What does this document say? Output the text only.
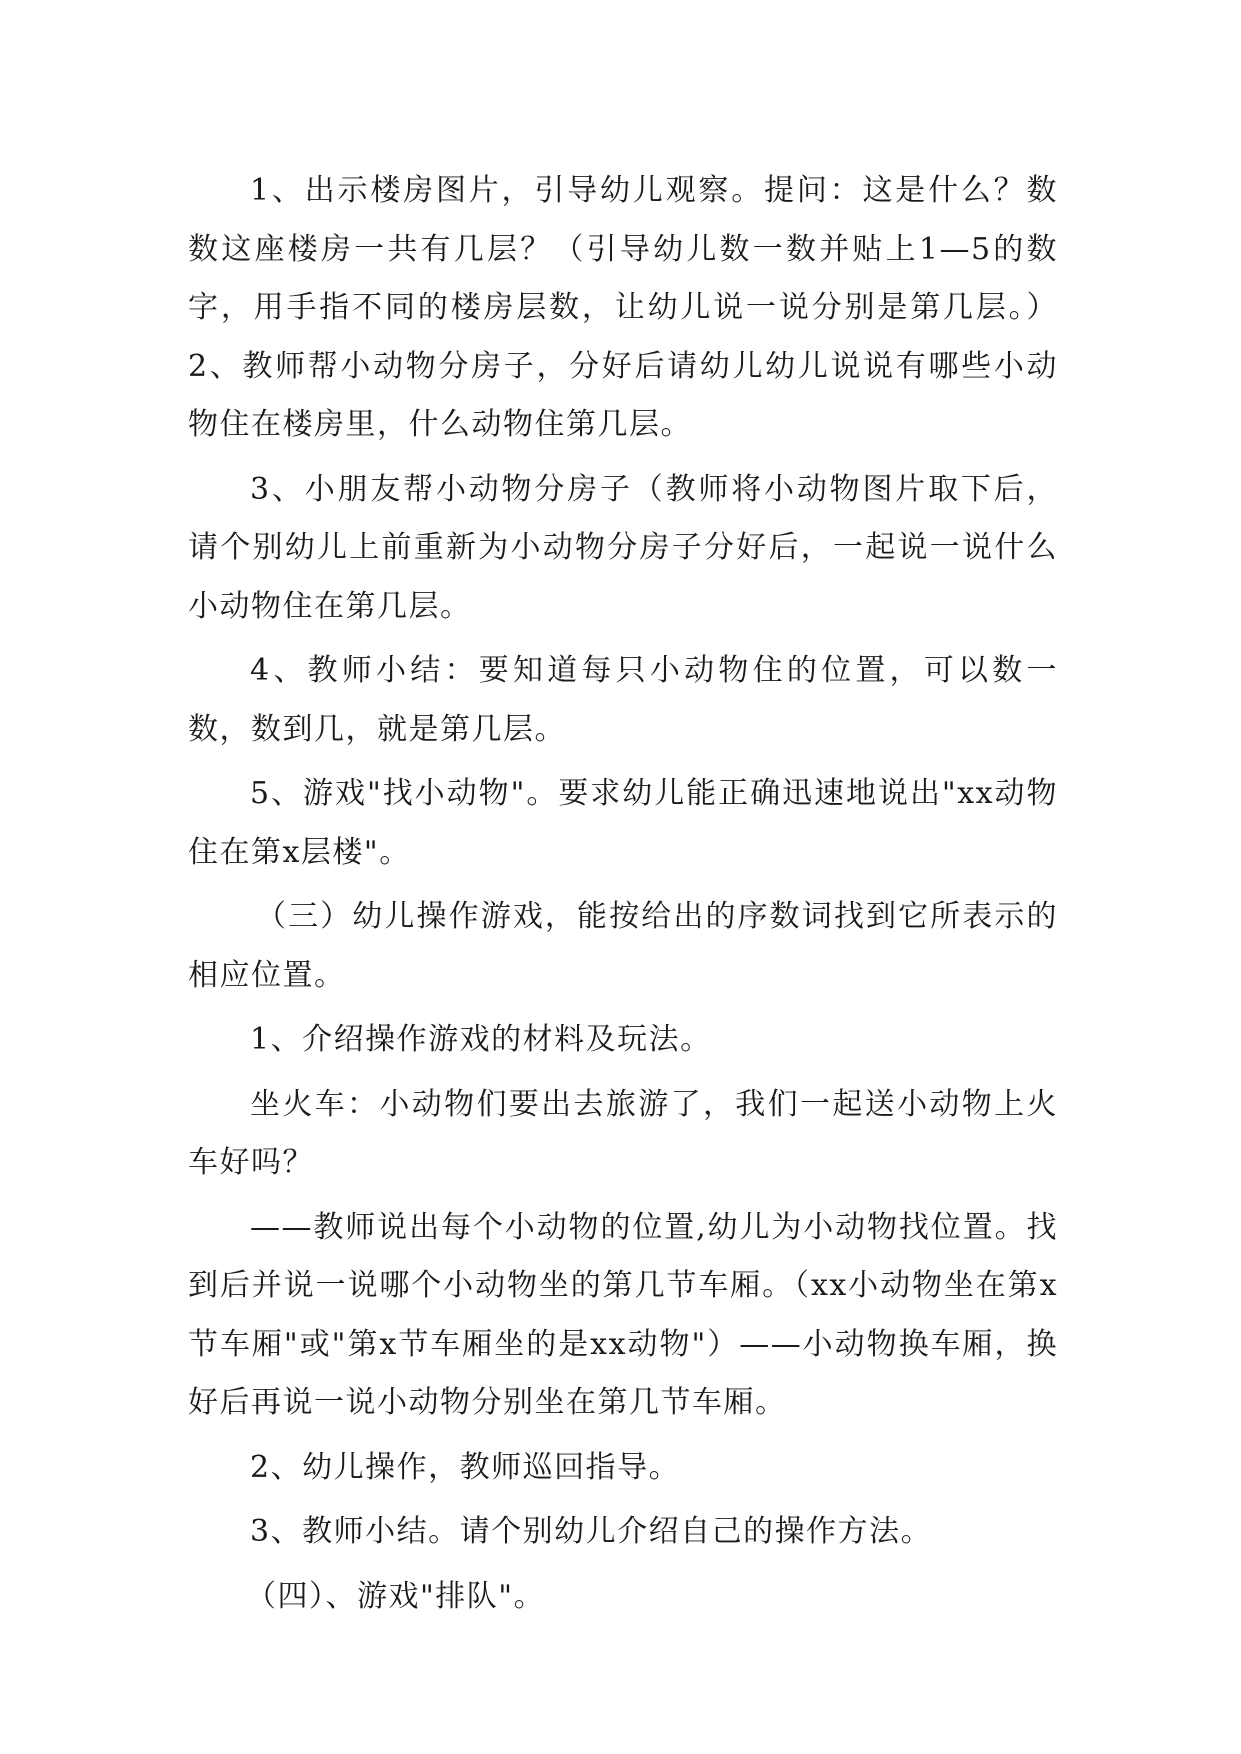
1、出示楼房图片，引导幼儿观察。提问：这是什么？数数这座楼房一共有几层？（引导幼儿数一数并贴上1—5的数字，用手指不同的楼房层数，让幼儿说一说分别是第几层。）2、教师帮小动物分房子，分好后请幼儿幼儿说说有哪些小动物住在楼房里，什么动物住第几层。

3、小朋友帮小动物分房子（教师将小动物图片取下后，请个别幼儿上前重新为小动物分房子分好后，一起说一说什么小动物住在第几层。

4、教师小结：要知道每只小动物住的位置，可以数一数，数到几，就是第几层。

5、游戏"找小动物"。要求幼儿能正确迅速地说出"xx动物住在第x层楼"。

（三）幼儿操作游戏，能按给出的序数词找到它所表示的相应位置。

1、介绍操作游戏的材料及玩法。

坐火车：小动物们要出去旅游了，我们一起送小动物上火车好吗？

——教师说出每个小动物的位置,幼儿为小动物找位置。找到后并说一说哪个小动物坐的第几节车厢。（xx小动物坐在第x节车厢"或"第x节车厢坐的是xx动物"）——小动物换车厢，换好后再说一说小动物分别坐在第几节车厢。

2、幼儿操作，教师巡回指导。

3、教师小结。请个别幼儿介绍自己的操作方法。

（四）、游戏"排队"。
